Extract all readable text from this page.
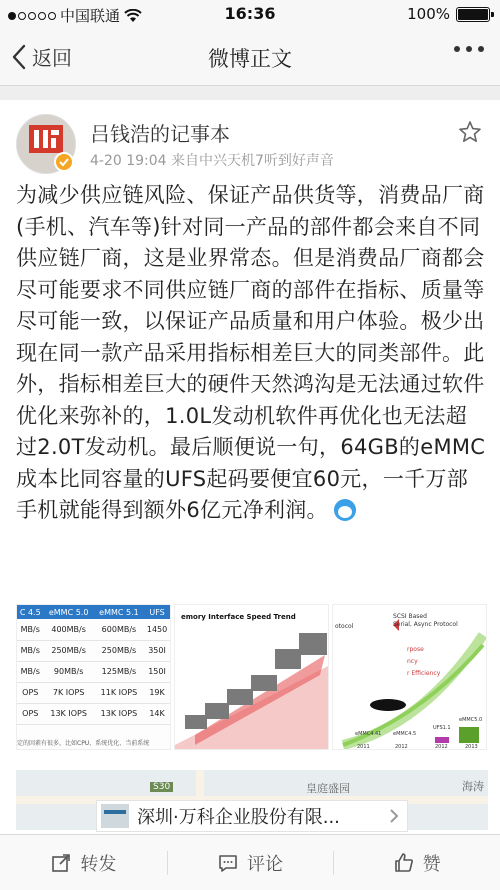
中国联通	16:36	100%
返回	微博正文
吕钱浩的记事本
4-20 19:04 来自中兴天机7听到好声音
为减少供应链风险、保证产品供货等，消费品厂商(手机、汽车等)针对同一产品的部件都会来自不同供应链厂商，这是业界常态。但是消费品厂商都会尽可能要求不同供应链厂商的部件在指标、质量等尽可能一致，以保证产品质量和用户体验。极少出现在同一款产品采用指标相差巨大的同类部件。此外，指标相差巨大的硬件天然鸿沟是无法通过软件优化来弥补的，1.0L发动机软件再优化也无法超过2.0T发动机。最后顺便说一句，64GB的eMMC
成本比同容量的UFS起码要便宜60元，一千万部手机就能得到额外6亿元净利润。
C 4.5	eMMC 5.0	eMMC 5.1	UFS
MB/s	400MB/s	600MB/s	1450
MB/s	250MB/s	250MB/s	350I
MB/s	90MB/s	125MB/s	150I
OPS	7K IOPS	11K IOPS	19K
OPS	13K IOPS	13K IOPS	14K
定的因素有很多，比如CPU、系统优化、当前系统
emory Interface Speed Trend
rpose
ncy
r Efficiency
SCSI Based
Serial, Async Protocol
otocol
eMMC4.41 eMMC4.5
UFS1.1
eMMC5.0
2011	2012	2012	2013
S30	皇庭盛园	海涛
深圳·万科企业股份有限...
转发	评论	赞
